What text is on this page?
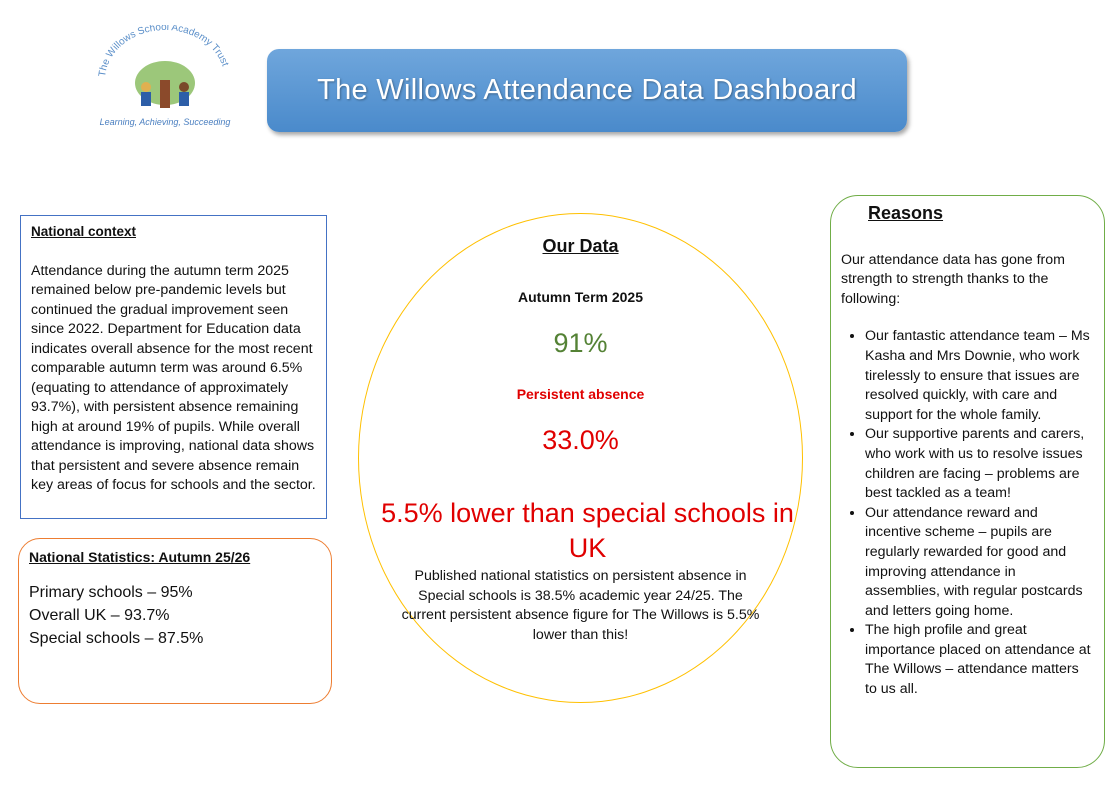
The Willows School Academy Trust
Learning, Achieving, Succeeding
The Willows Attendance Data Dashboard
National context

Attendance during the autumn term 2025 remained below pre-pandemic levels but continued the gradual improvement seen since 2022. Department for Education data indicates overall absence for the most recent comparable autumn term was around 6.5% (equating to attendance of approximately 93.7%), with persistent absence remaining high at around 19% of pupils. While overall attendance is improving, national data shows that persistent and severe absence remain key areas of focus for schools and the sector.

National Statistics: Autumn 25/26
Primary schools – 95%
Overall UK – 93.7%
Special schools – 87.5%
Our Data
Autumn Term 2025
91%
Persistent absence
33.0%
5.5% lower than special schools in UK
Published national statistics on persistent absence in Special schools is 38.5% academic year 24/25. The current persistent absence figure for The Willows is 5.5% lower than this!
Reasons
Our attendance data has gone from strength to strength thanks to the following:
• Our fantastic attendance team – Ms Kasha and Mrs Downie, who work tirelessly to ensure that issues are resolved quickly, with care and support for the whole family.
• Our supportive parents and carers, who work with us to resolve issues children are facing – problems are best tackled as a team!
• Our attendance reward and incentive scheme – pupils are regularly rewarded for good and improving attendance in assemblies, with regular postcards and letters going home.
• The high profile and great importance placed on attendance at The Willows – attendance matters to us all.
